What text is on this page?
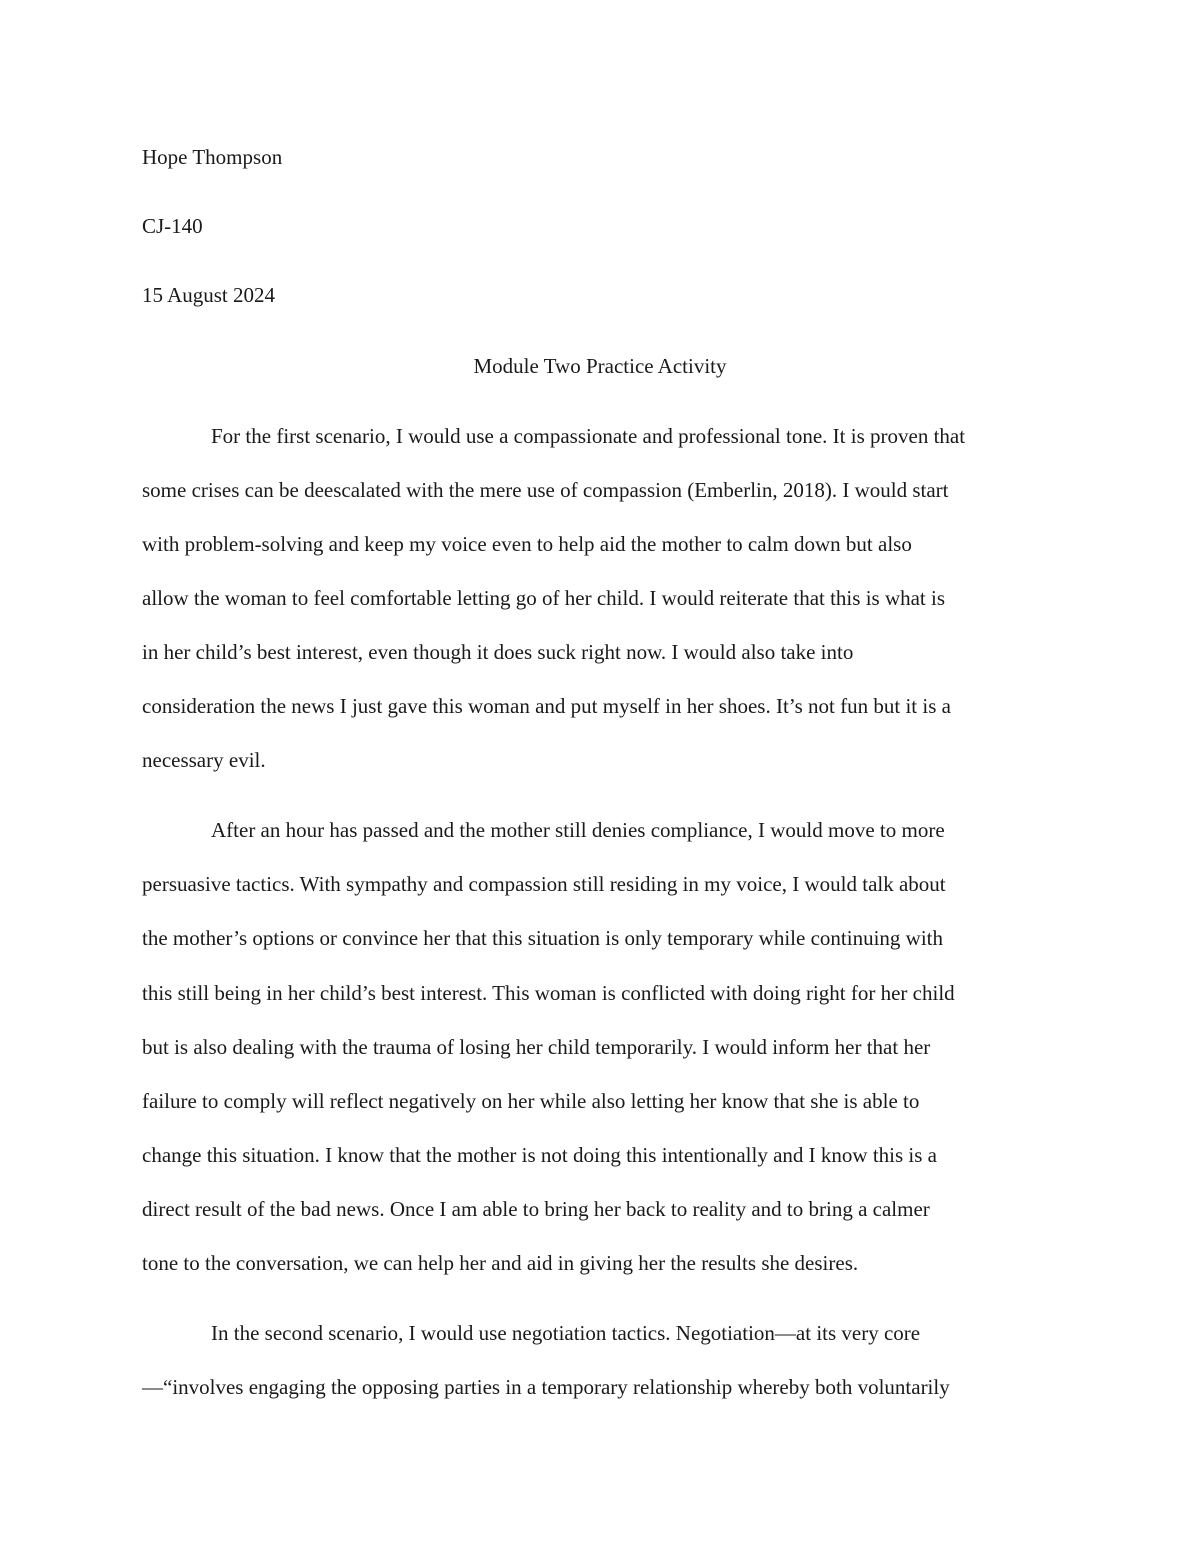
Hope Thompson
CJ-140
15 August 2024
Module Two Practice Activity
For the first scenario, I would use a compassionate and professional tone. It is proven that
some crises can be deescalated with the mere use of compassion (Emberlin, 2018). I would start
with problem-solving and keep my voice even to help aid the mother to calm down but also
allow the woman to feel comfortable letting go of her child. I would reiterate that this is what is
in her child’s best interest, even though it does suck right now. I would also take into
consideration the news I just gave this woman and put myself in her shoes. It’s not fun but it is a
necessary evil.
After an hour has passed and the mother still denies compliance, I would move to more
persuasive tactics. With sympathy and compassion still residing in my voice, I would talk about
the mother’s options or convince her that this situation is only temporary while continuing with
this still being in her child’s best interest. This woman is conflicted with doing right for her child
but is also dealing with the trauma of losing her child temporarily. I would inform her that her
failure to comply will reflect negatively on her while also letting her know that she is able to
change this situation. I know that the mother is not doing this intentionally and I know this is a
direct result of the bad news. Once I am able to bring her back to reality and to bring a calmer
tone to the conversation, we can help her and aid in giving her the results she desires.
In the second scenario, I would use negotiation tactics. Negotiation—at its very core
—“involves engaging the opposing parties in a temporary relationship whereby both voluntarily
